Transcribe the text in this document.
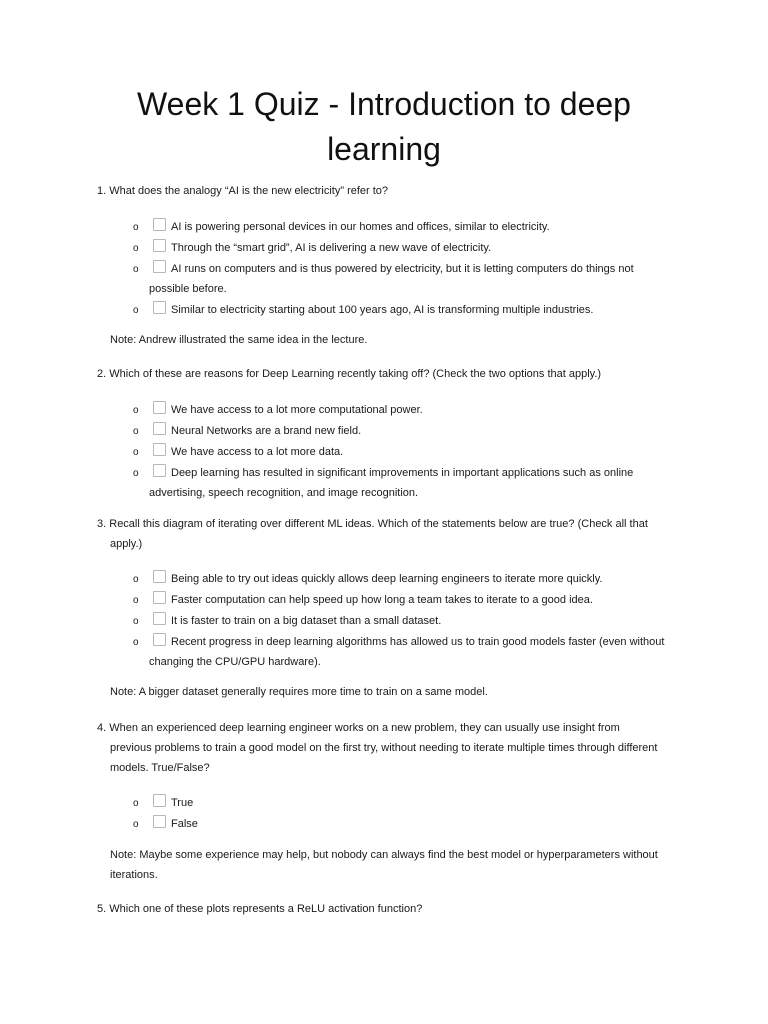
Week 1 Quiz - Introduction to deep
learning
1. What does the analogy “AI is the new electricity” refer to?
o	AI is powering personal devices in our homes and offices, similar to electricity.
o	Through the “smart grid”, AI is delivering a new wave of electricity.
o	AI runs on computers and is thus powered by electricity, but it is letting computers do things not
possible before.
o	Similar to electricity starting about 100 years ago, AI is transforming multiple industries.
Note: Andrew illustrated the same idea in the lecture.
2. Which of these are reasons for Deep Learning recently taking off? (Check the two options that apply.)
o	We have access to a lot more computational power.
o	Neural Networks are a brand new field.
o	We have access to a lot more data.
o	Deep learning has resulted in significant improvements in important applications such as online
advertising, speech recognition, and image recognition.
3. Recall this diagram of iterating over different ML ideas. Which of the statements below are true? (Check all that
apply.)
o	Being able to try out ideas quickly allows deep learning engineers to iterate more quickly.
o	Faster computation can help speed up how long a team takes to iterate to a good idea.
o	It is faster to train on a big dataset than a small dataset.
o	Recent progress in deep learning algorithms has allowed us to train good models faster (even without
changing the CPU/GPU hardware).
Note: A bigger dataset generally requires more time to train on a same model.
4. When an experienced deep learning engineer works on a new problem, they can usually use insight from
previous problems to train a good model on the first try, without needing to iterate multiple times through different
models. True/False?
o	True
o	False
Note: Maybe some experience may help, but nobody can always find the best model or hyperparameters without
iterations.
5. Which one of these plots represents a ReLU activation function?
